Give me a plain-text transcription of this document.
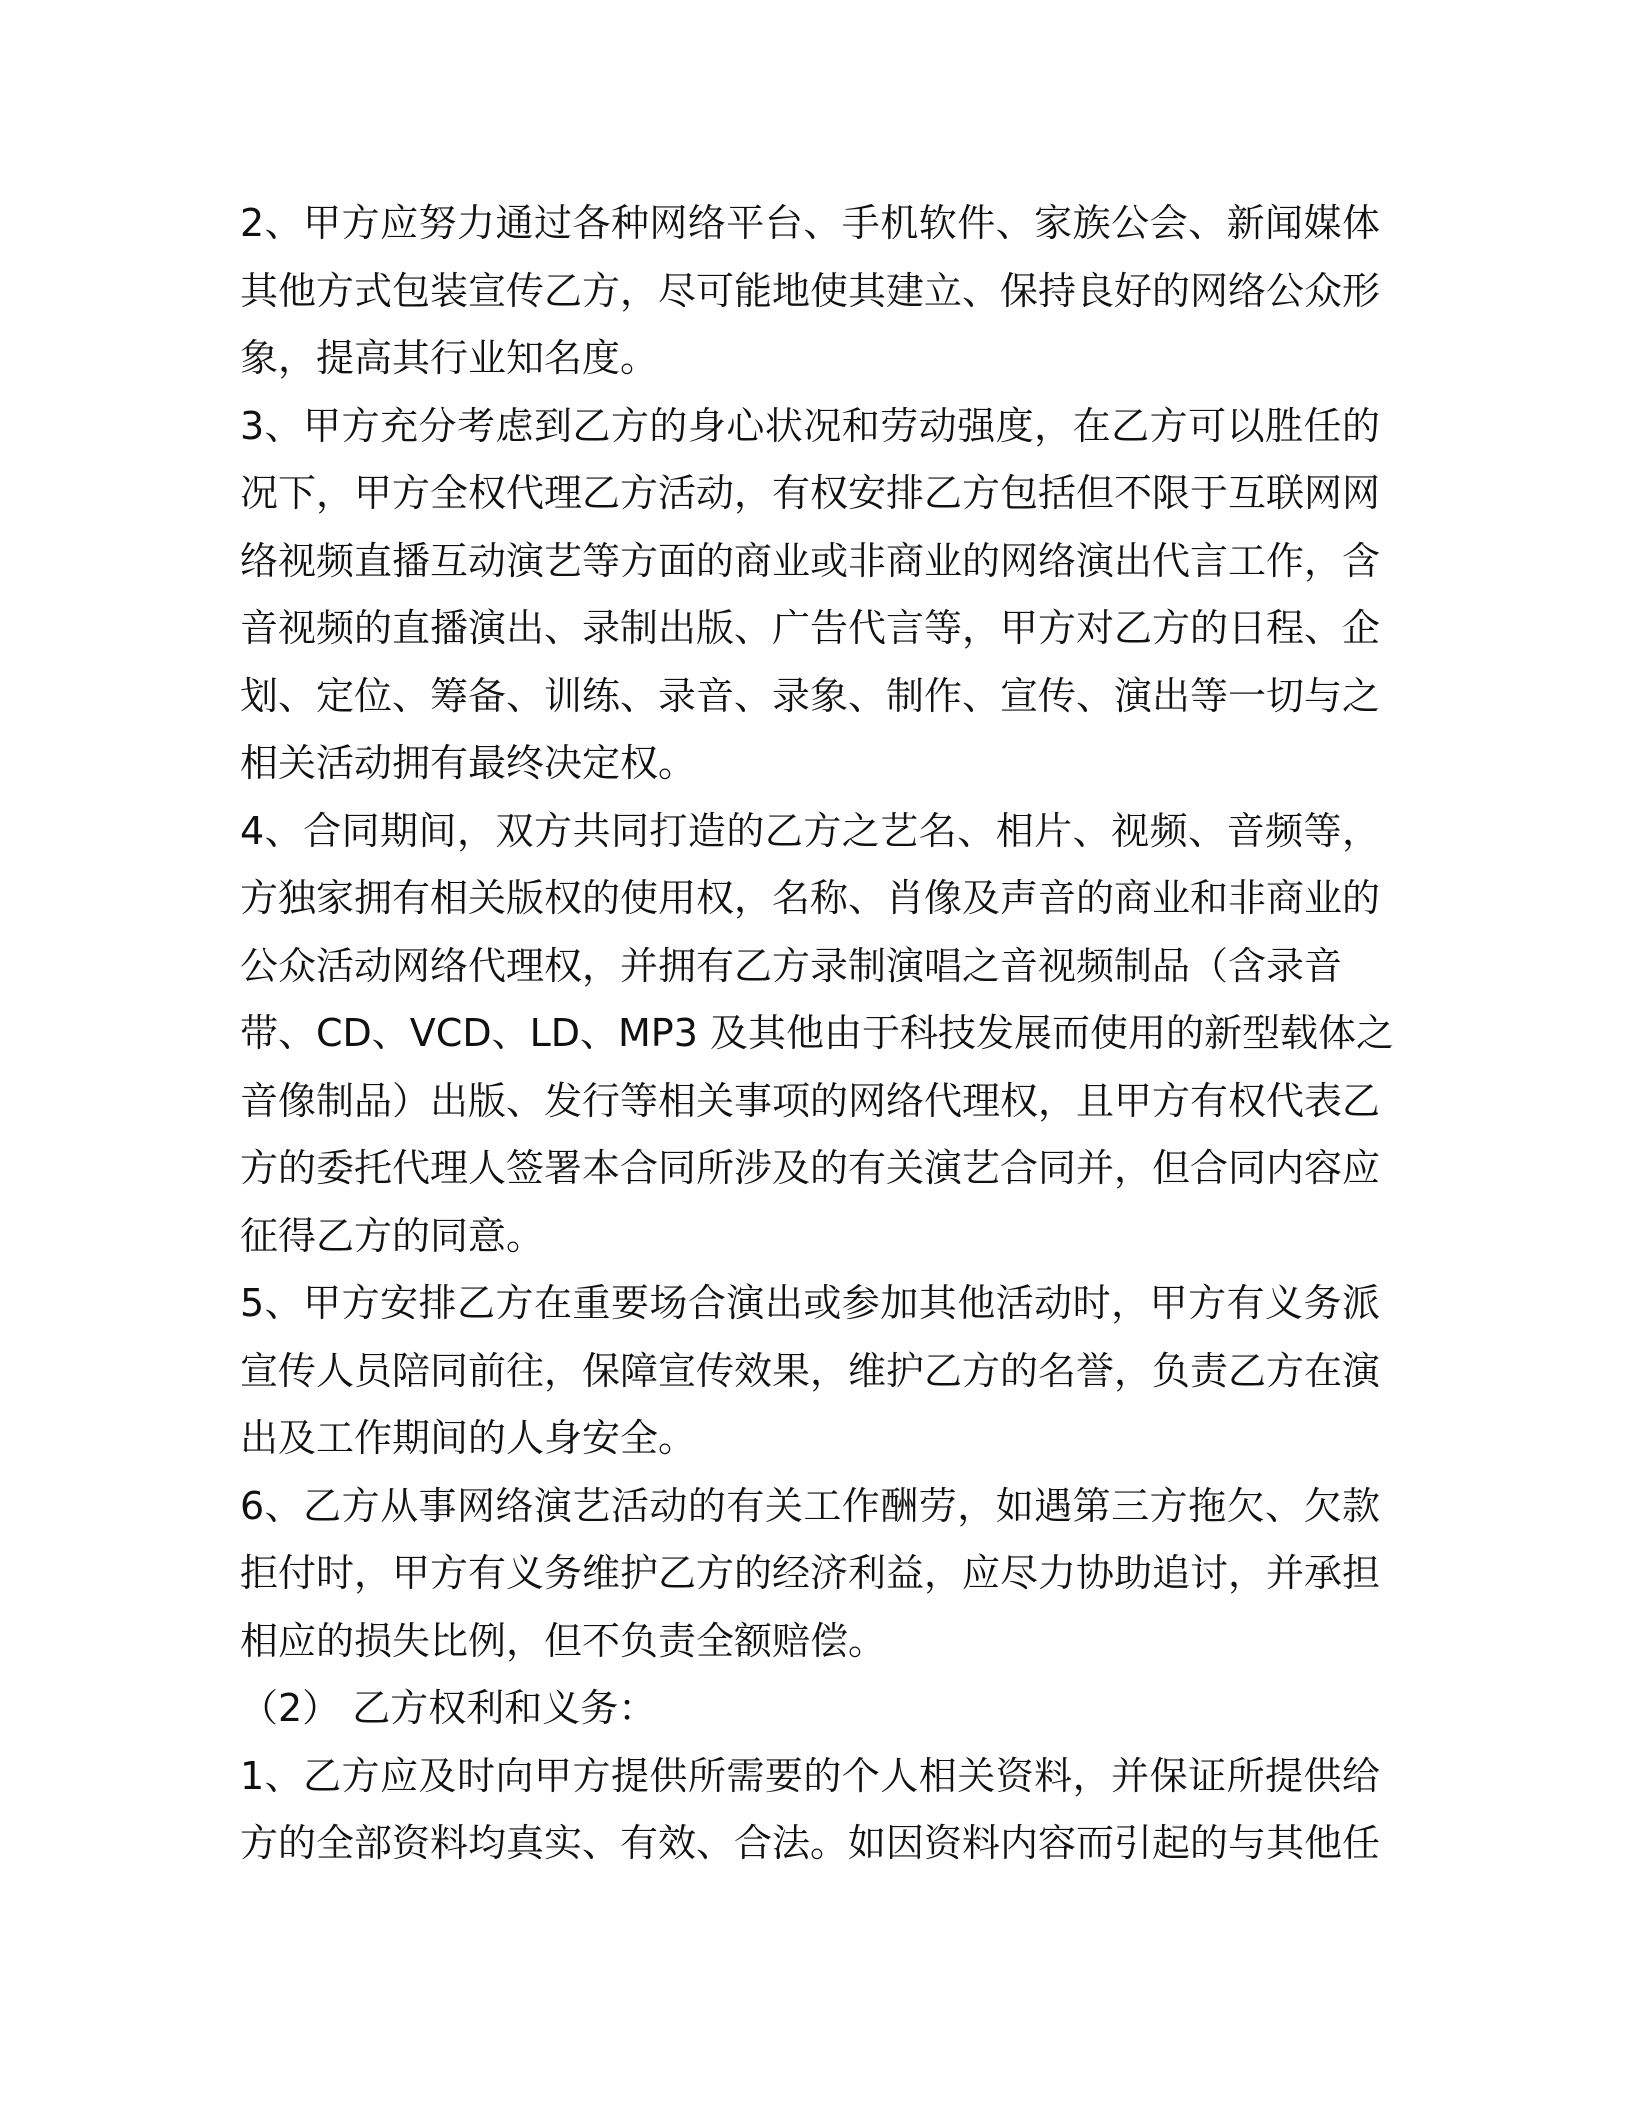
2、甲方应努力通过各种网络平台、手机软件、家族公会、新闻媒体
其他方式包装宣传乙方，尽可能地使其建立、保持良好的网络公众形
象，提高其行业知名度。
3、甲方充分考虑到乙方的身心状况和劳动强度，在乙方可以胜任的
况下，甲方全权代理乙方活动，有权安排乙方包括但不限于互联网网
络视频直播互动演艺等方面的商业或非商业的网络演出代言工作，含
音视频的直播演出、录制出版、广告代言等，甲方对乙方的日程、企
划、定位、筹备、训练、录音、录象、制作、宣传、演出等一切与之
相关活动拥有最终决定权。
4、合同期间，双方共同打造的乙方之艺名、相片、视频、音频等，
方独家拥有相关版权的使用权，名称、肖像及声音的商业和非商业的
公众活动网络代理权，并拥有乙方录制演唱之音视频制品（含录音
带、CD、VCD、LD、MP3 及其他由于科技发展而使用的新型载体之
音像制品）出版、发行等相关事项的网络代理权，且甲方有权代表乙
方的委托代理人签署本合同所涉及的有关演艺合同并，但合同内容应
征得乙方的同意。
5、甲方安排乙方在重要场合演出或参加其他活动时，甲方有义务派
宣传人员陪同前往，保障宣传效果，维护乙方的名誉，负责乙方在演
出及工作期间的人身安全。
6、乙方从事网络演艺活动的有关工作酬劳，如遇第三方拖欠、欠款
拒付时，甲方有义务维护乙方的经济利益，应尽力协助追讨，并承担
相应的损失比例，但不负责全额赔偿。
（2） 乙方权利和义务：
1、乙方应及时向甲方提供所需要的个人相关资料，并保证所提供给
方的全部资料均真实、有效、合法。如因资料内容而引起的与其他任
